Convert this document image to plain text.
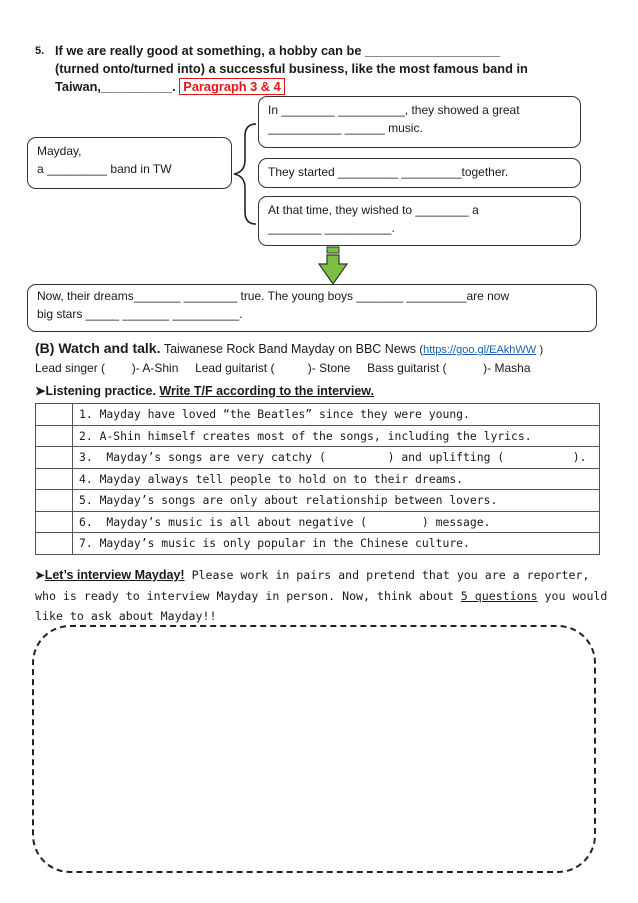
5. If we are really good at something, a hobby can be ___________________
(turned onto/turned into) a successful business, like the most famous band in
Taiwan,__________. Paragraph 3 & 4
Mayday,
a _________ band in TW
In ________ __________, they showed a great
___________ ______ music.
They started _________ _________together.
At that time, they wished to ________ a
________ __________.
Now, their dreams_______ ________ true. The young boys _______ _________are now
big stars _____ _______ __________.
(B) Watch and talk. Taiwanese Rock Band Mayday on BBC News (https://goo.gl/EAkhWW )
Lead singer (        )- A-Shin     Lead guitarist (          )- Stone     Bass guitarist (           )- Masha
➤Listening practice. Write T/F according to the interview.
	1. Mayday have loved “the Beatles” since they were young.
	2. A-Shin himself creates most of the songs, including the lyrics.
	3.  Mayday’s songs are very catchy (         ) and uplifting (          ).
	4. Mayday always tell people to hold on to their dreams.
	5. Mayday’s songs are only about relationship between lovers.
	6.  Mayday’s music is all about negative (        ) message.
	7. Mayday’s music is only popular in the Chinese culture.
➤Let’s interview Mayday! Please work in pairs and pretend that you are a reporter,
who is ready to interview Mayday in person. Now, think about 5 questions you would
like to ask about Mayday!!
